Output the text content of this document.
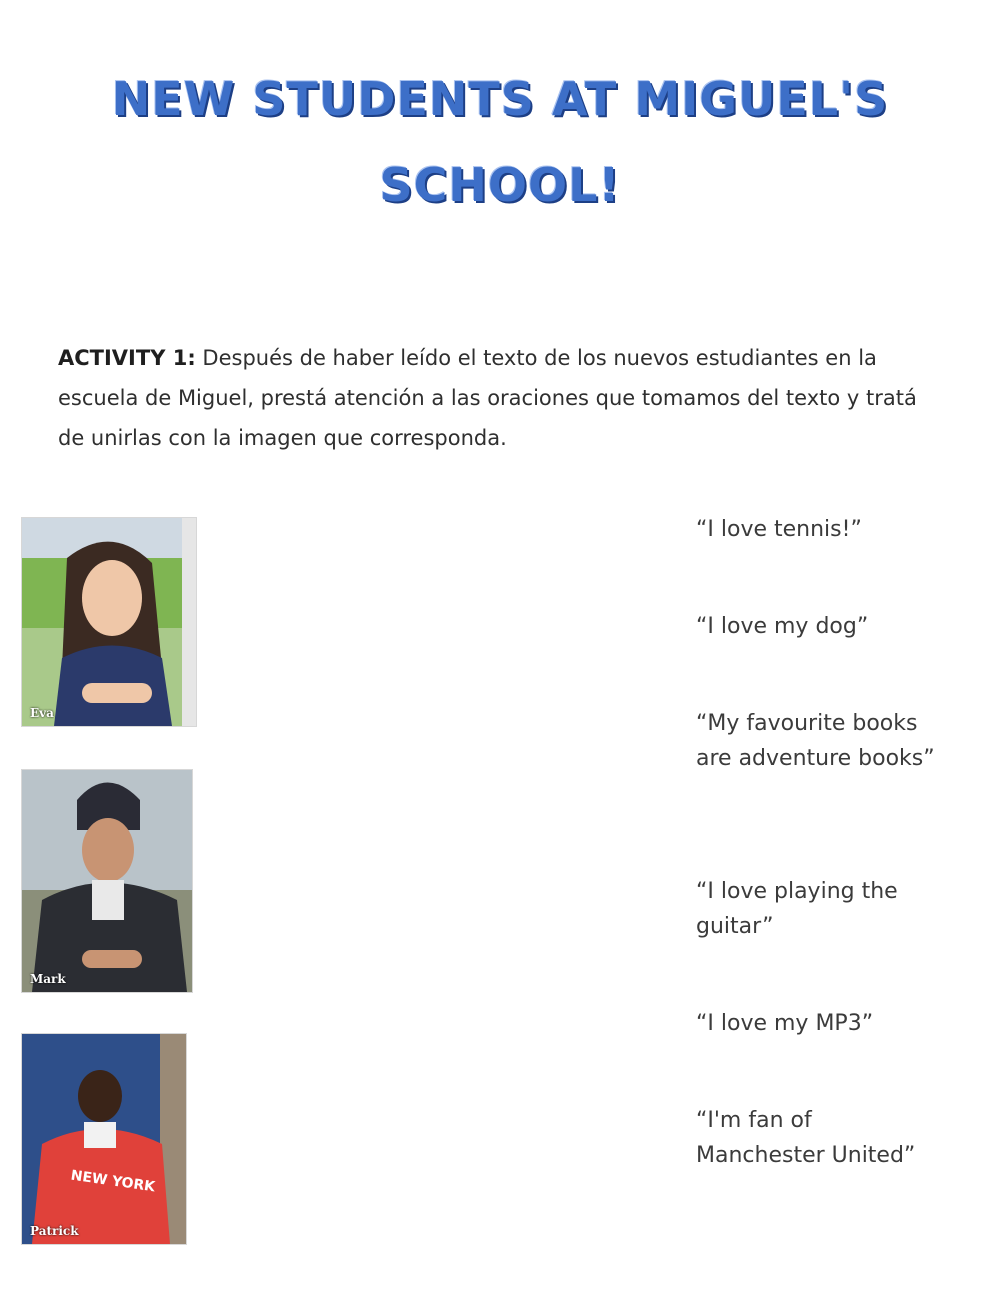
NEW STUDENTS AT MIGUEL'S
SCHOOL!
ACTIVITY 1: Después de haber leído el texto de los nuevos estudiantes en la escuela de Miguel, prestá atención a las oraciones que tomamos del texto y tratá de unirlas con la imagen que corresponda.
Eva
Mark
NEW YORK
Patrick
“I love tennis!”
“I love my dog”
“My favourite books are adventure books”
“I love playing the guitar”
“I love my MP3”
“I'm fan of Manchester United”
